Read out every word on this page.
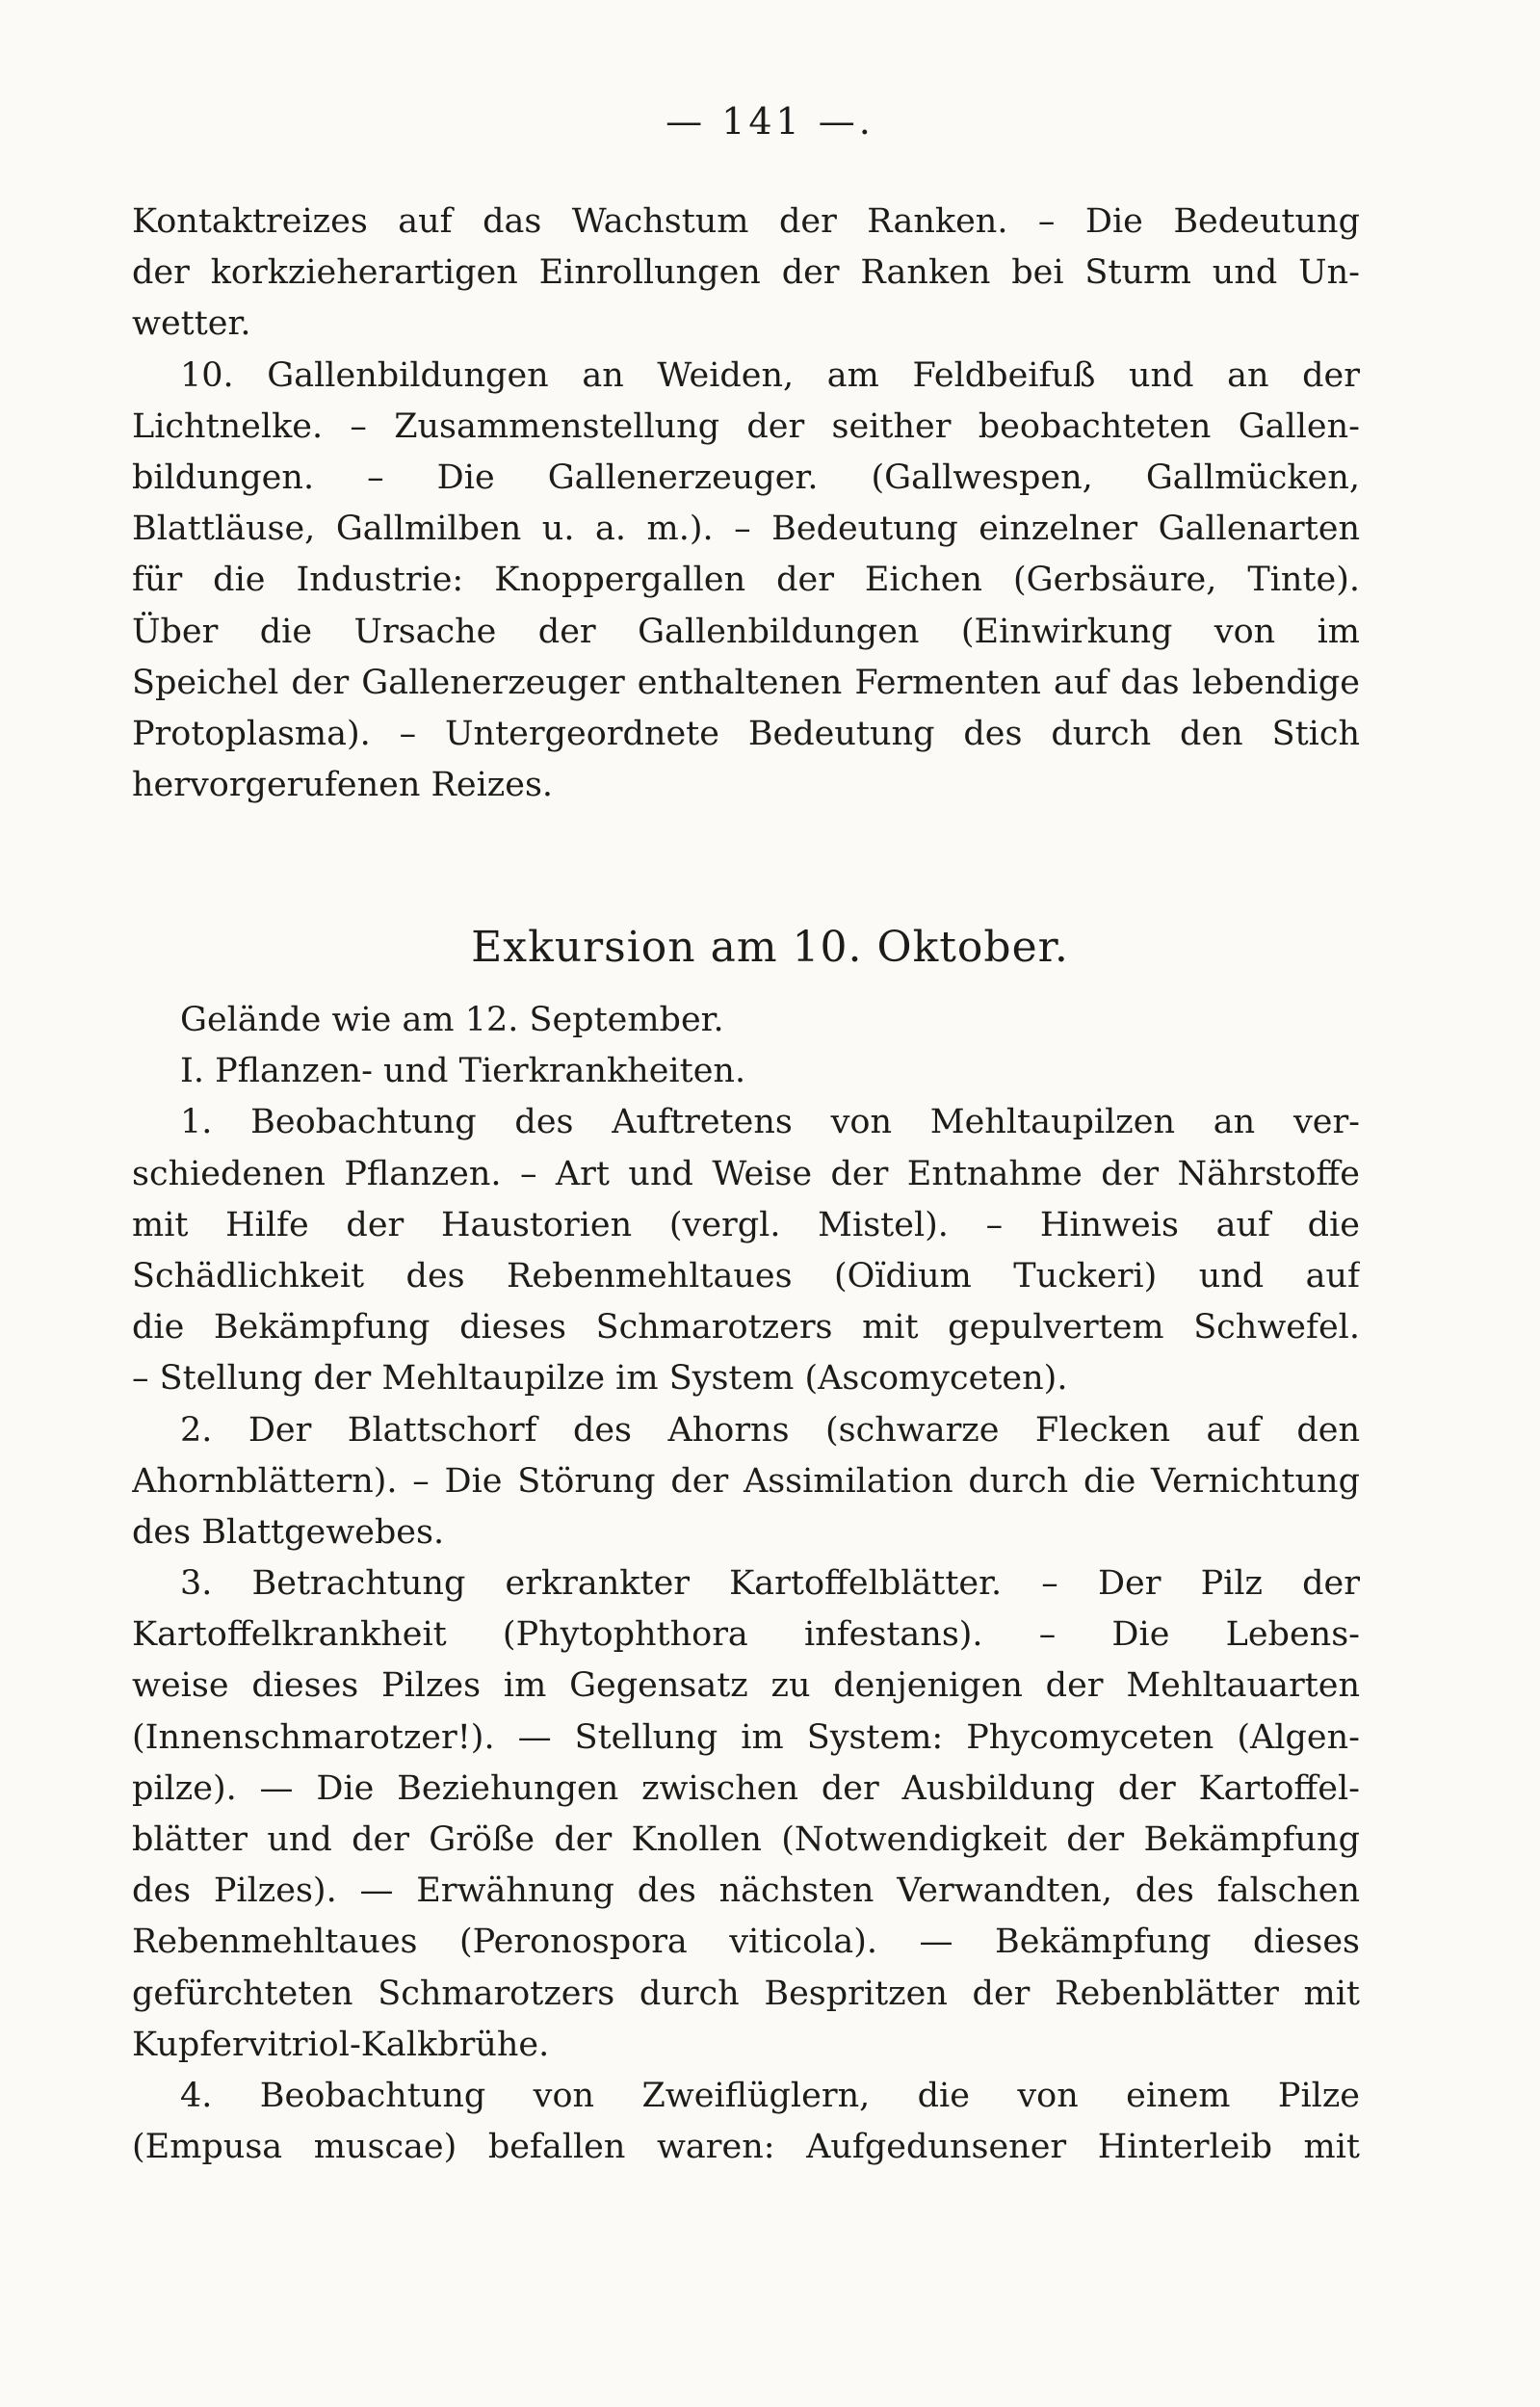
— 141 —.
Kontaktreizes auf das Wachstum der Ranken. – Die Bedeutung
der korkzieherartigen Einrollungen der Ranken bei Sturm und Un-
wetter.
10. Gallenbildungen an Weiden, am Feldbeifuß und an der
Lichtnelke. – Zusammenstellung der seither beobachteten Gallen-
bildungen. – Die Gallenerzeuger. (Gallwespen, Gallmücken,
Blattläuse, Gallmilben u. a. m.). – Bedeutung einzelner Gallenarten
für die Industrie: Knoppergallen der Eichen (Gerbsäure, Tinte).
Über die Ursache der Gallenbildungen (Einwirkung von im
Speichel der Gallenerzeuger enthaltenen Fermenten auf das lebendige
Protoplasma). – Untergeordnete Bedeutung des durch den Stich
hervorgerufenen Reizes.
Exkursion am 10. Oktober.
Gelände wie am 12. September.
I. Pflanzen- und Tierkrankheiten.
1. Beobachtung des Auftretens von Mehltaupilzen an ver-
schiedenen Pflanzen. – Art und Weise der Entnahme der Nährstoffe
mit Hilfe der Haustorien (vergl. Mistel). – Hinweis auf die
Schädlichkeit des Rebenmehltaues (Oïdium Tuckeri) und auf
die Bekämpfung dieses Schmarotzers mit gepulvertem Schwefel.
– Stellung der Mehltaupilze im System (Ascomyceten).
2. Der Blattschorf des Ahorns (schwarze Flecken auf den
Ahornblättern). – Die Störung der Assimilation durch die Vernichtung
des Blattgewebes.
3. Betrachtung erkrankter Kartoffelblätter. – Der Pilz der
Kartoffelkrankheit (Phytophthora infestans). – Die Lebens-
weise dieses Pilzes im Gegensatz zu denjenigen der Mehltauarten
(Innenschmarotzer!). — Stellung im System: Phycomyceten (Algen-
pilze). — Die Beziehungen zwischen der Ausbildung der Kartoffel-
blätter und der Größe der Knollen (Notwendigkeit der Bekämpfung
des Pilzes). — Erwähnung des nächsten Verwandten, des falschen
Rebenmehltaues (Peronospora viticola). — Bekämpfung dieses
gefürchteten Schmarotzers durch Bespritzen der Rebenblätter mit
Kupfervitriol-Kalkbrühe.
4. Beobachtung von Zweiflüglern, die von einem Pilze
(Empusa muscae) befallen waren: Aufgedunsener Hinterleib mit
